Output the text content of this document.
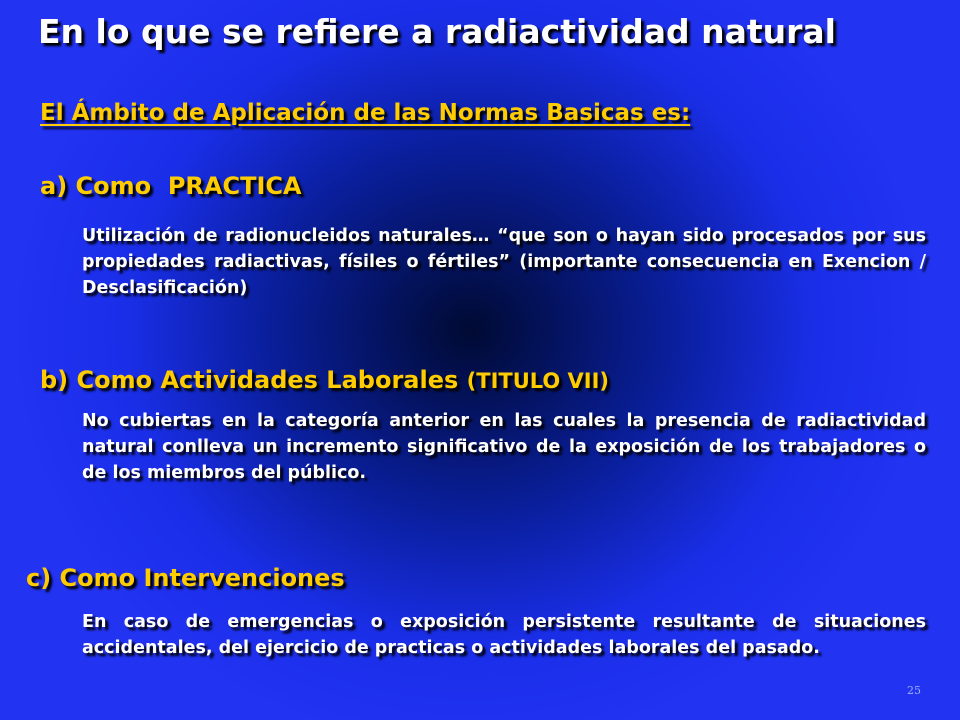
En lo que se refiere a radiactividad natural
El Ámbito de Aplicación de las Normas Basicas es:
a) Como  PRACTICA
Utilización de radionucleidos naturales… “que son o hayan sido procesados por sus propiedades radiactivas, físiles o fértiles” (importante consecuencia en Exencion / Desclasificación)
b) Como Actividades Laborales (TITULO VII)
No cubiertas en la categoría anterior en las cuales la presencia de radiactividad natural conlleva un incremento significativo de la exposición de los trabajadores o de los miembros del público.
c) Como Intervenciones
En caso de emergencias o exposición persistente resultante de situaciones accidentales, del ejercicio de practicas o actividades laborales del pasado.
25
